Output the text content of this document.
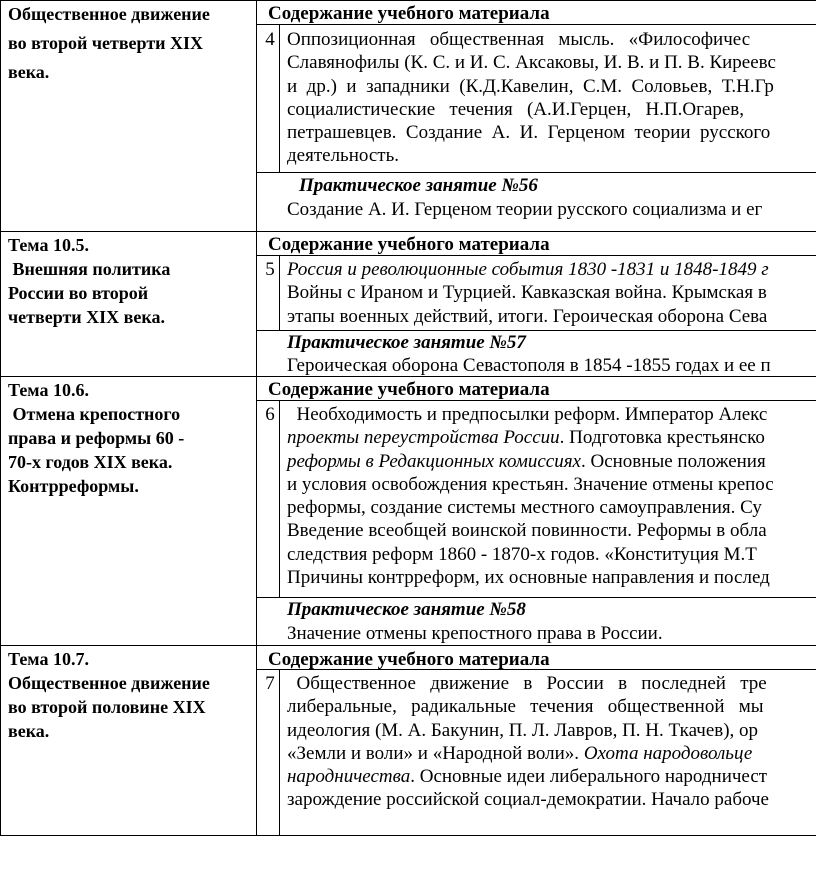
Общественное движение
во второй четверти XIX
века.
Содержание учебного материала
4 Оппозиционная   общественная   мысль.   «Философичес
Славянофилы (К. С. и И. С. Аксаковы, И. В. и П. В. Киреевс
и  др.)  и  западники  (К.Д.Кавелин,  С.М.  Соловьев,  Т.Н.Гр
социалистические   течения   (А.И.Герцен,   Н.П.Огарев,
петрашевцев.  Создание  А.  И.  Герценом  теории  русского
деятельность.
Практическое занятие №56
Создание А. И. Герценом теории русского социализма и ег
Тема 10.5.
Внешняя политика
России во второй
четверти XIX века.
Содержание учебного материала
5 Россия и революционные события 1830 -1831 и 1848-1849 г
Войны с Ираном и Турцией. Кавказская война. Крымская в
этапы военных действий, итоги. Героическая оборона Сева
Практическое занятие №57
Героическая оборона Севастополя в 1854 -1855 годах и ее п
Тема 10.6.
Отмена крепостного
права и реформы 60 -
70-х годов XIX века.
Контрреформы.
Содержание учебного материала
6 Необходимость и предпосылки реформ. Император Алекс
проекты переустройства России. Подготовка крестьянско
реформы в Редакционных комиссиях. Основные положения
и условия освобождения крестьян. Значение отмены крепос
реформы, создание системы местного самоуправления. Су
Введение всеобщей воинской повинности. Реформы в обла
следствия реформ 1860 - 1870-х годов. «Конституция М.Т
Причины контрреформ, их основные направления и послед
Практическое занятие №58
Значение отмены крепостного права в России.
Тема 10.7.
Общественное движение
во второй половине XIX
века.
Содержание учебного материала
7 Общественное   движение   в   России   в   последней   тре
либеральные,   радикальные   течения   общественной   мы
идеология (М. А. Бакунин, П. Л. Лавров, П. Н. Ткачев), ор
«Земли и воли» и «Народной воли». Охота народовольце
народничества. Основные идеи либерального народничест
зарождение российской социал-демократии. Начало рабоче
